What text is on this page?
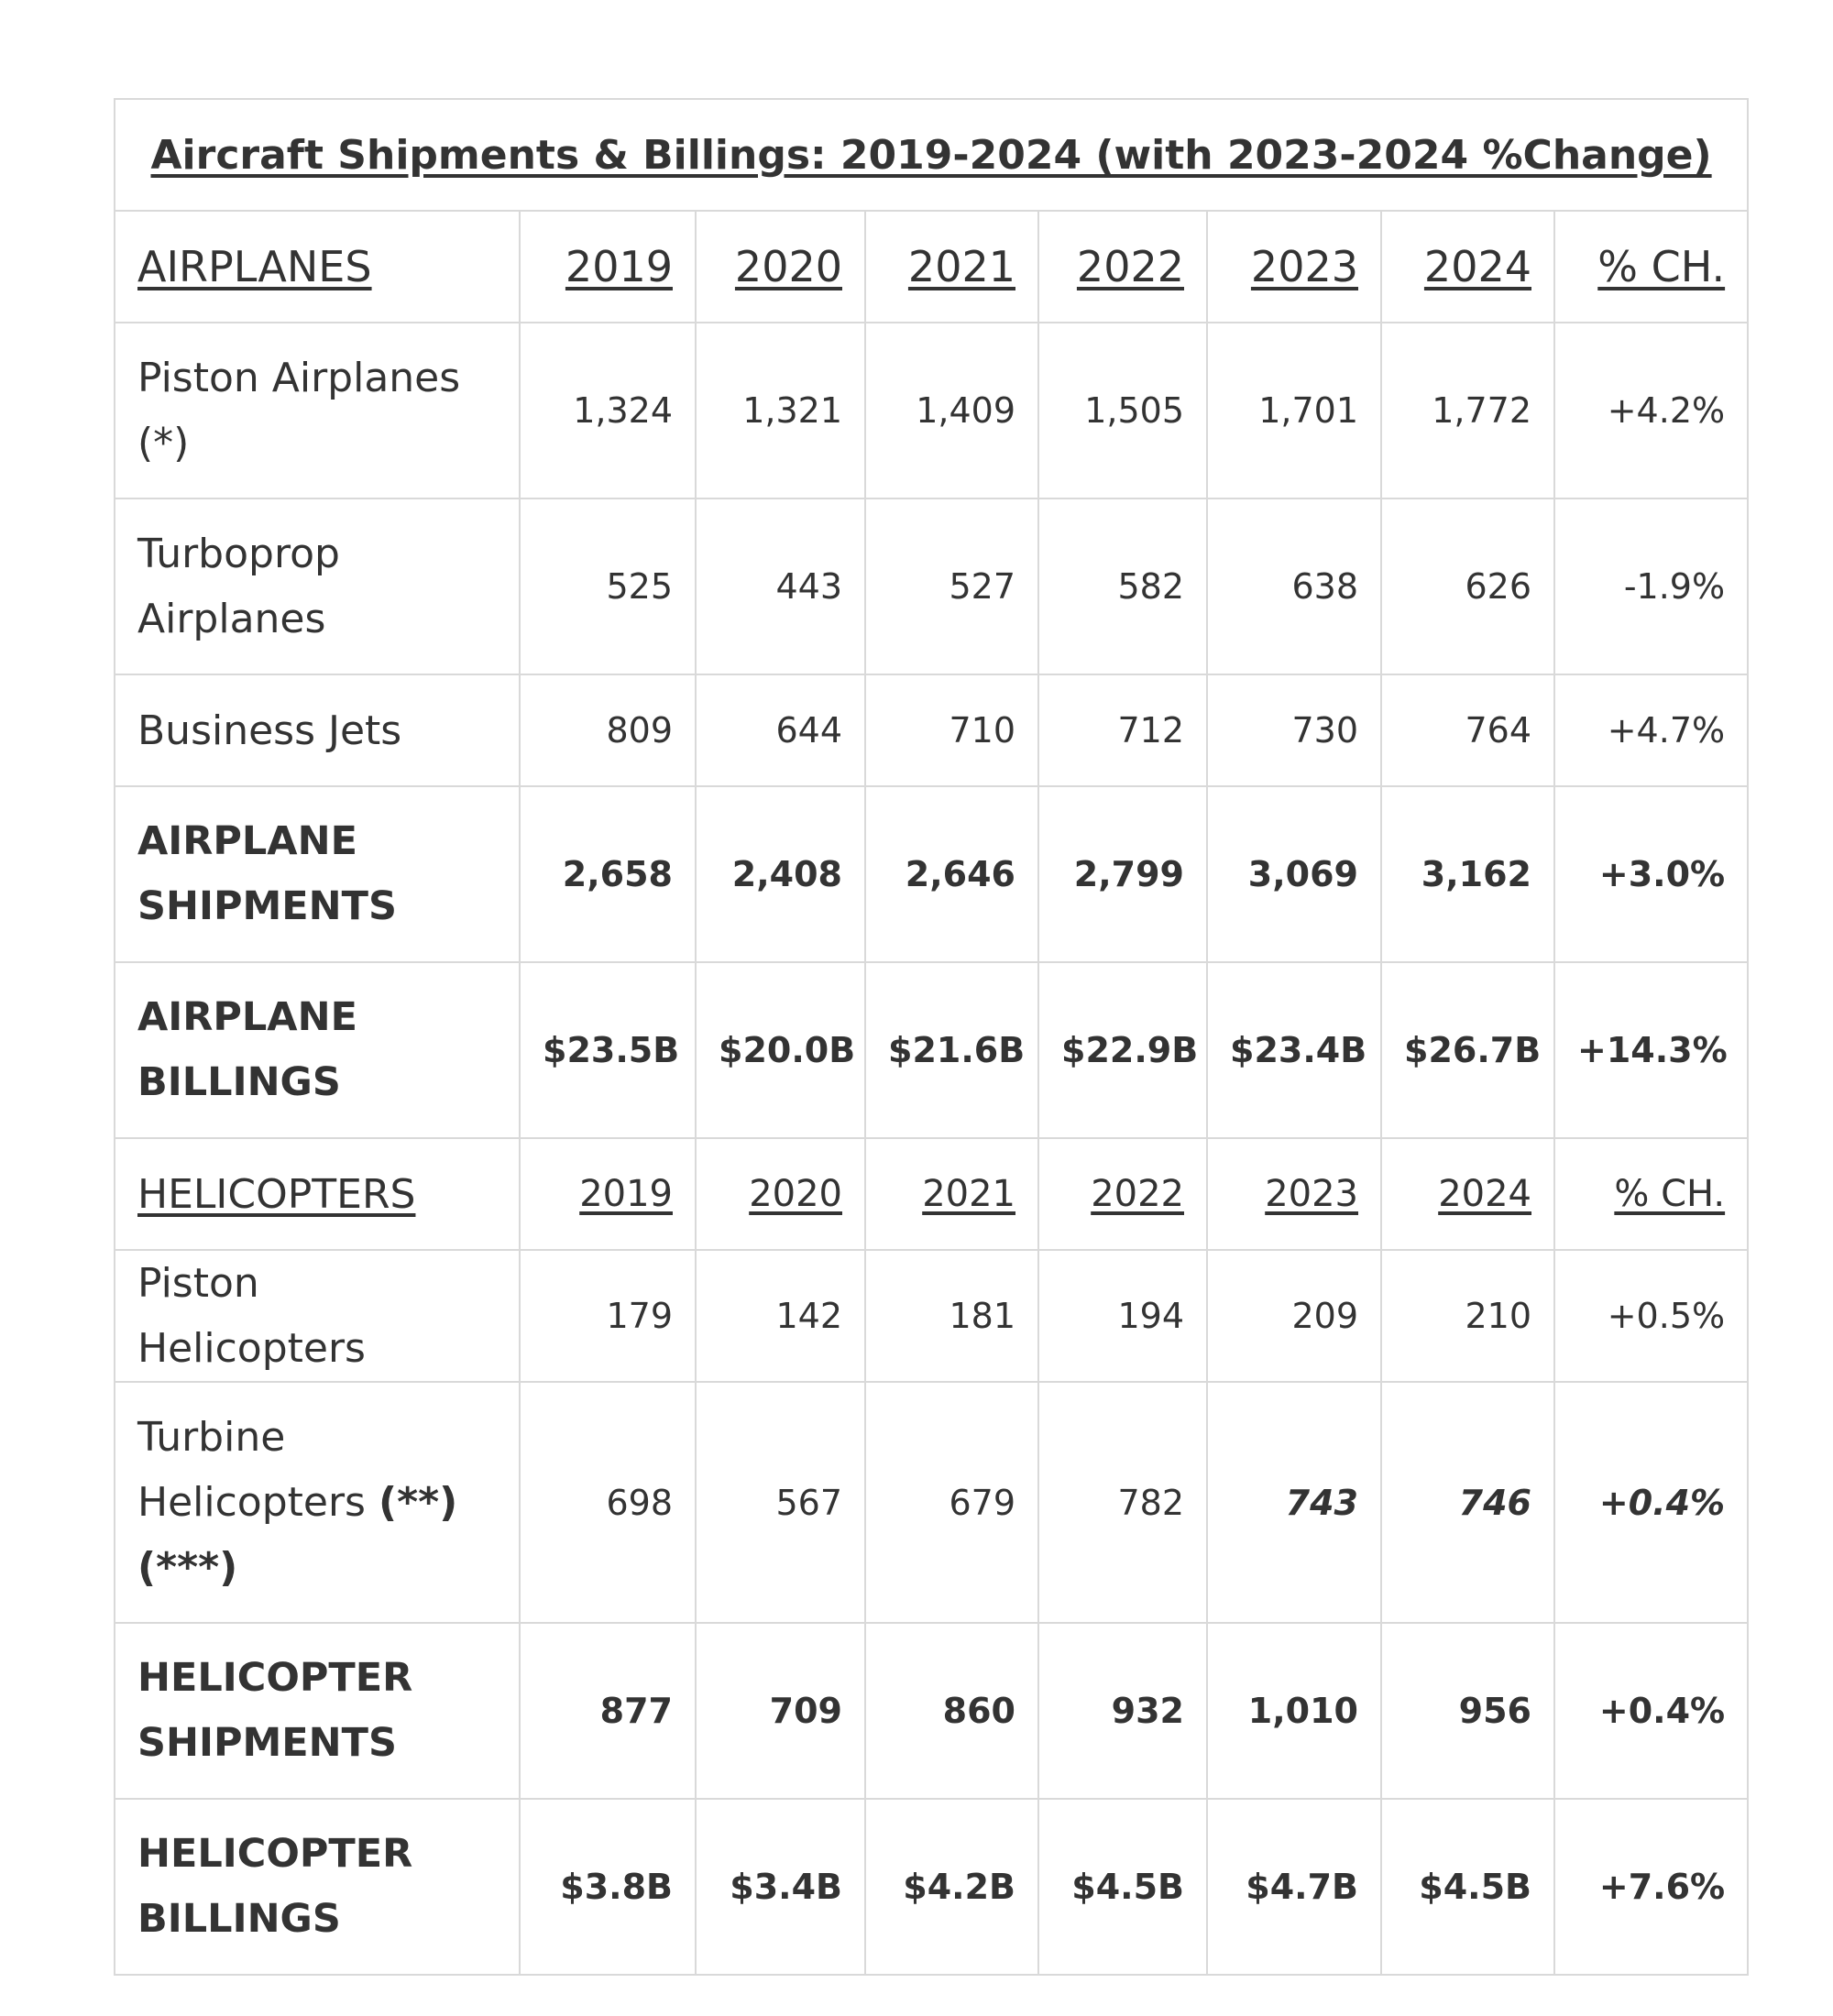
Aircraft Shipments & Billings: 2019-2024 (with 2023-2024 %Change)							
AIRPLANES	2019	2020	2021	2022	2023	2024	% CH.
Piston Airplanes
(*)	1,324	1,321	1,409	1,505	1,701	1,772	+4.2%
Turboprop
Airplanes	525	443	527	582	638	626	-1.9%
Business Jets	809	644	710	712	730	764	+4.7%
AIRPLANE
SHIPMENTS	2,658	2,408	2,646	2,799	3,069	3,162	+3.0%
AIRPLANE
BILLINGS	$23.5B	$20.0B	$21.6B	$22.9B	$23.4B	$26.7B	+14.3%
HELICOPTERS	2019	2020	2021	2022	2023	2024	% CH.
Piston Helicopters	179	142	181	194	209	210	+0.5%
Turbine
Helicopters (**)
(***)	698	567	679	782	743	746	+0.4%
HELICOPTER
SHIPMENTS	877	709	860	932	1,010	956	+0.4%
HELICOPTER
BILLINGS	$3.8B	$3.4B	$4.2B	$4.5B	$4.7B	$4.5B	+7.6%
